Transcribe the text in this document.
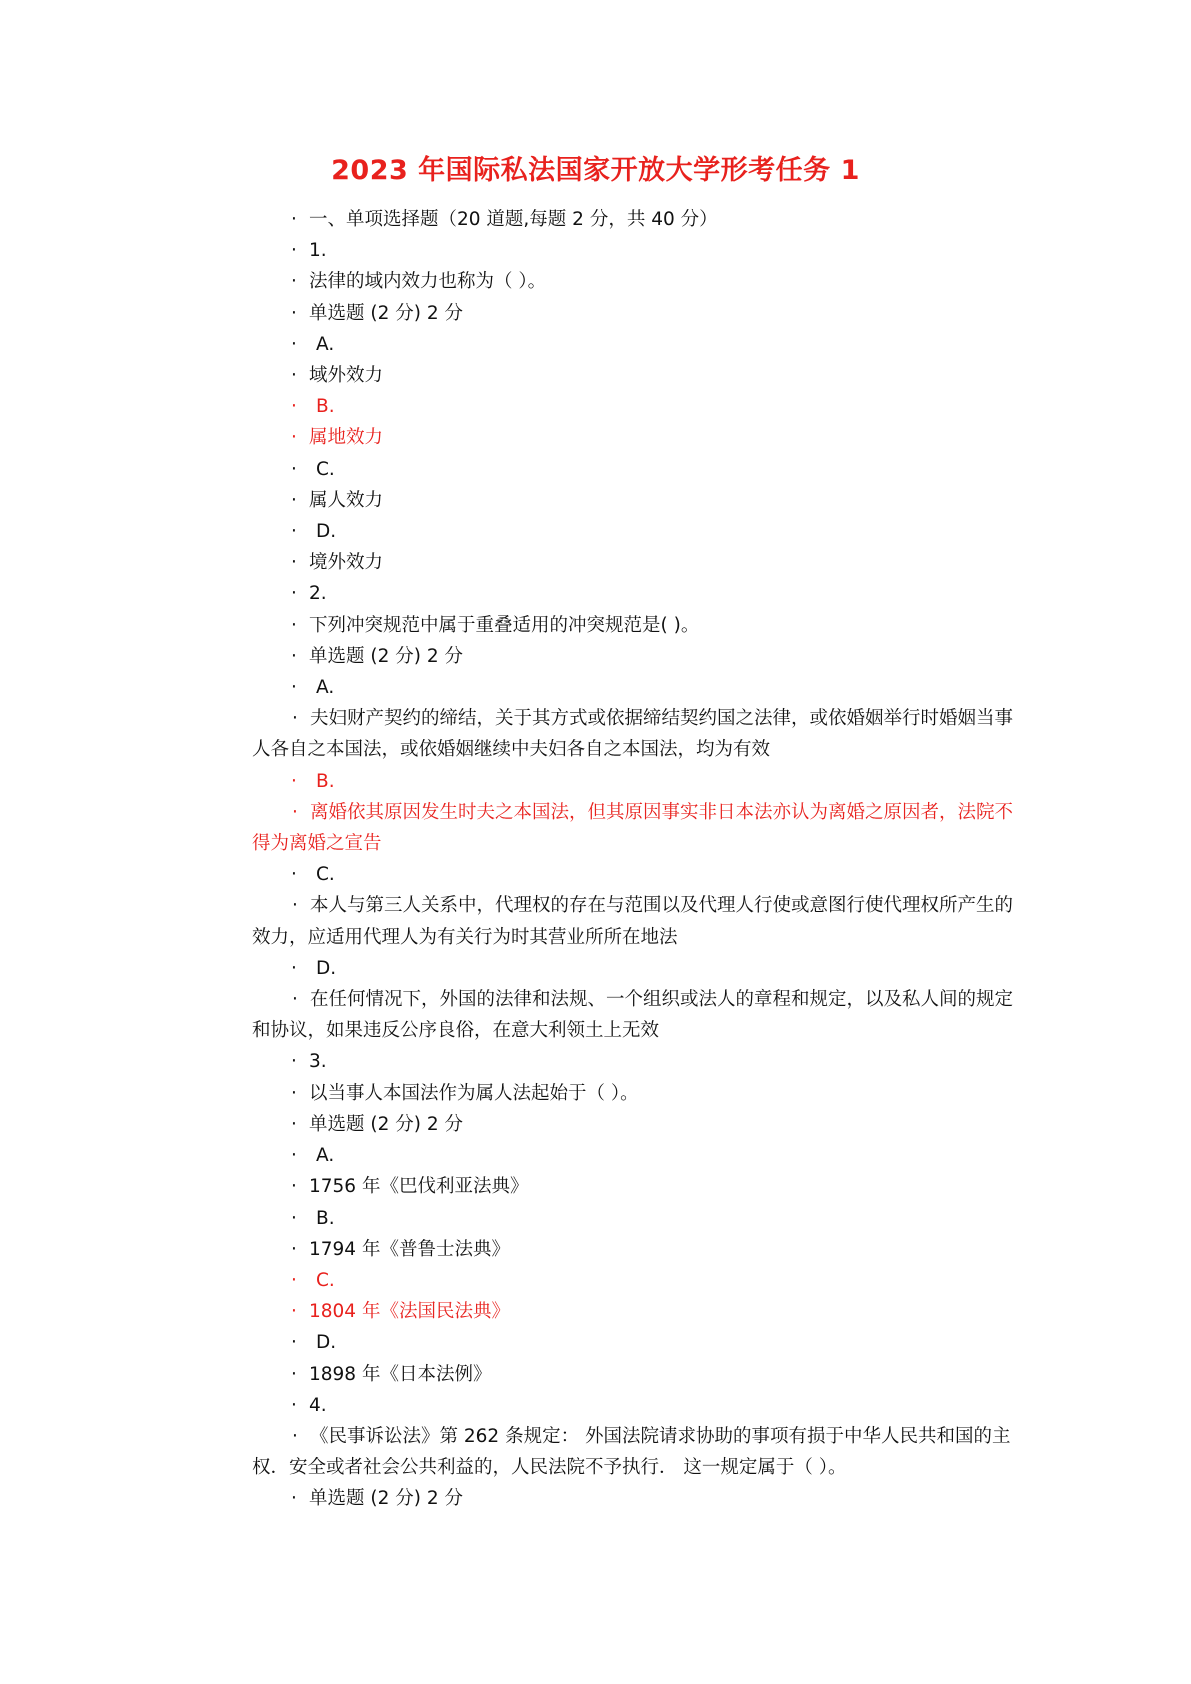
2023 年国际私法国家开放大学形考任务 1
· 一、单项选择题（20 道题,每题 2 分，共 40 分）
· 1.
· 法律的域内效力也称为（ ）。
· 单选题 (2 分) 2 分
· A.
· 域外效力
· B.
· 属地效力
· C.
· 属人效力
· D.
· 境外效力
· 2.
· 下列冲突规范中属于重叠适用的冲突规范是( )。
· 单选题 (2 分) 2 分
· A.
· 夫妇财产契约的缔结，关于其方式或依据缔结契约国之法律，或依婚姻举行时婚姻当事人各自之本国法，或依婚姻继续中夫妇各自之本国法，均为有效
· B.
· 离婚依其原因发生时夫之本国法，但其原因事实非日本法亦认为离婚之原因者，法院不得为离婚之宣告
· C.
· 本人与第三人关系中，代理权的存在与范围以及代理人行使或意图行使代理权所产生的效力，应适用代理人为有关行为时其营业所所在地法
· D.
· 在任何情况下，外国的法律和法规、一个组织或法人的章程和规定，以及私人间的规定和协议，如果违反公序良俗，在意大利领土上无效
· 3.
· 以当事人本国法作为属人法起始于（ ）。
· 单选题 (2 分) 2 分
· A.
· 1756 年《巴伐利亚法典》
· B.
· 1794 年《普鲁士法典》
· C.
· 1804 年《法国民法典》
· D.
· 1898 年《日本法例》
· 4.
· 《民事诉讼法》第 262 条规定： 外国法院请求协助的事项有损于中华人民共和国的主权．安全或者社会公共利益的，人民法院不予执行． 这一规定属于（ ）。
· 单选题 (2 分) 2 分
